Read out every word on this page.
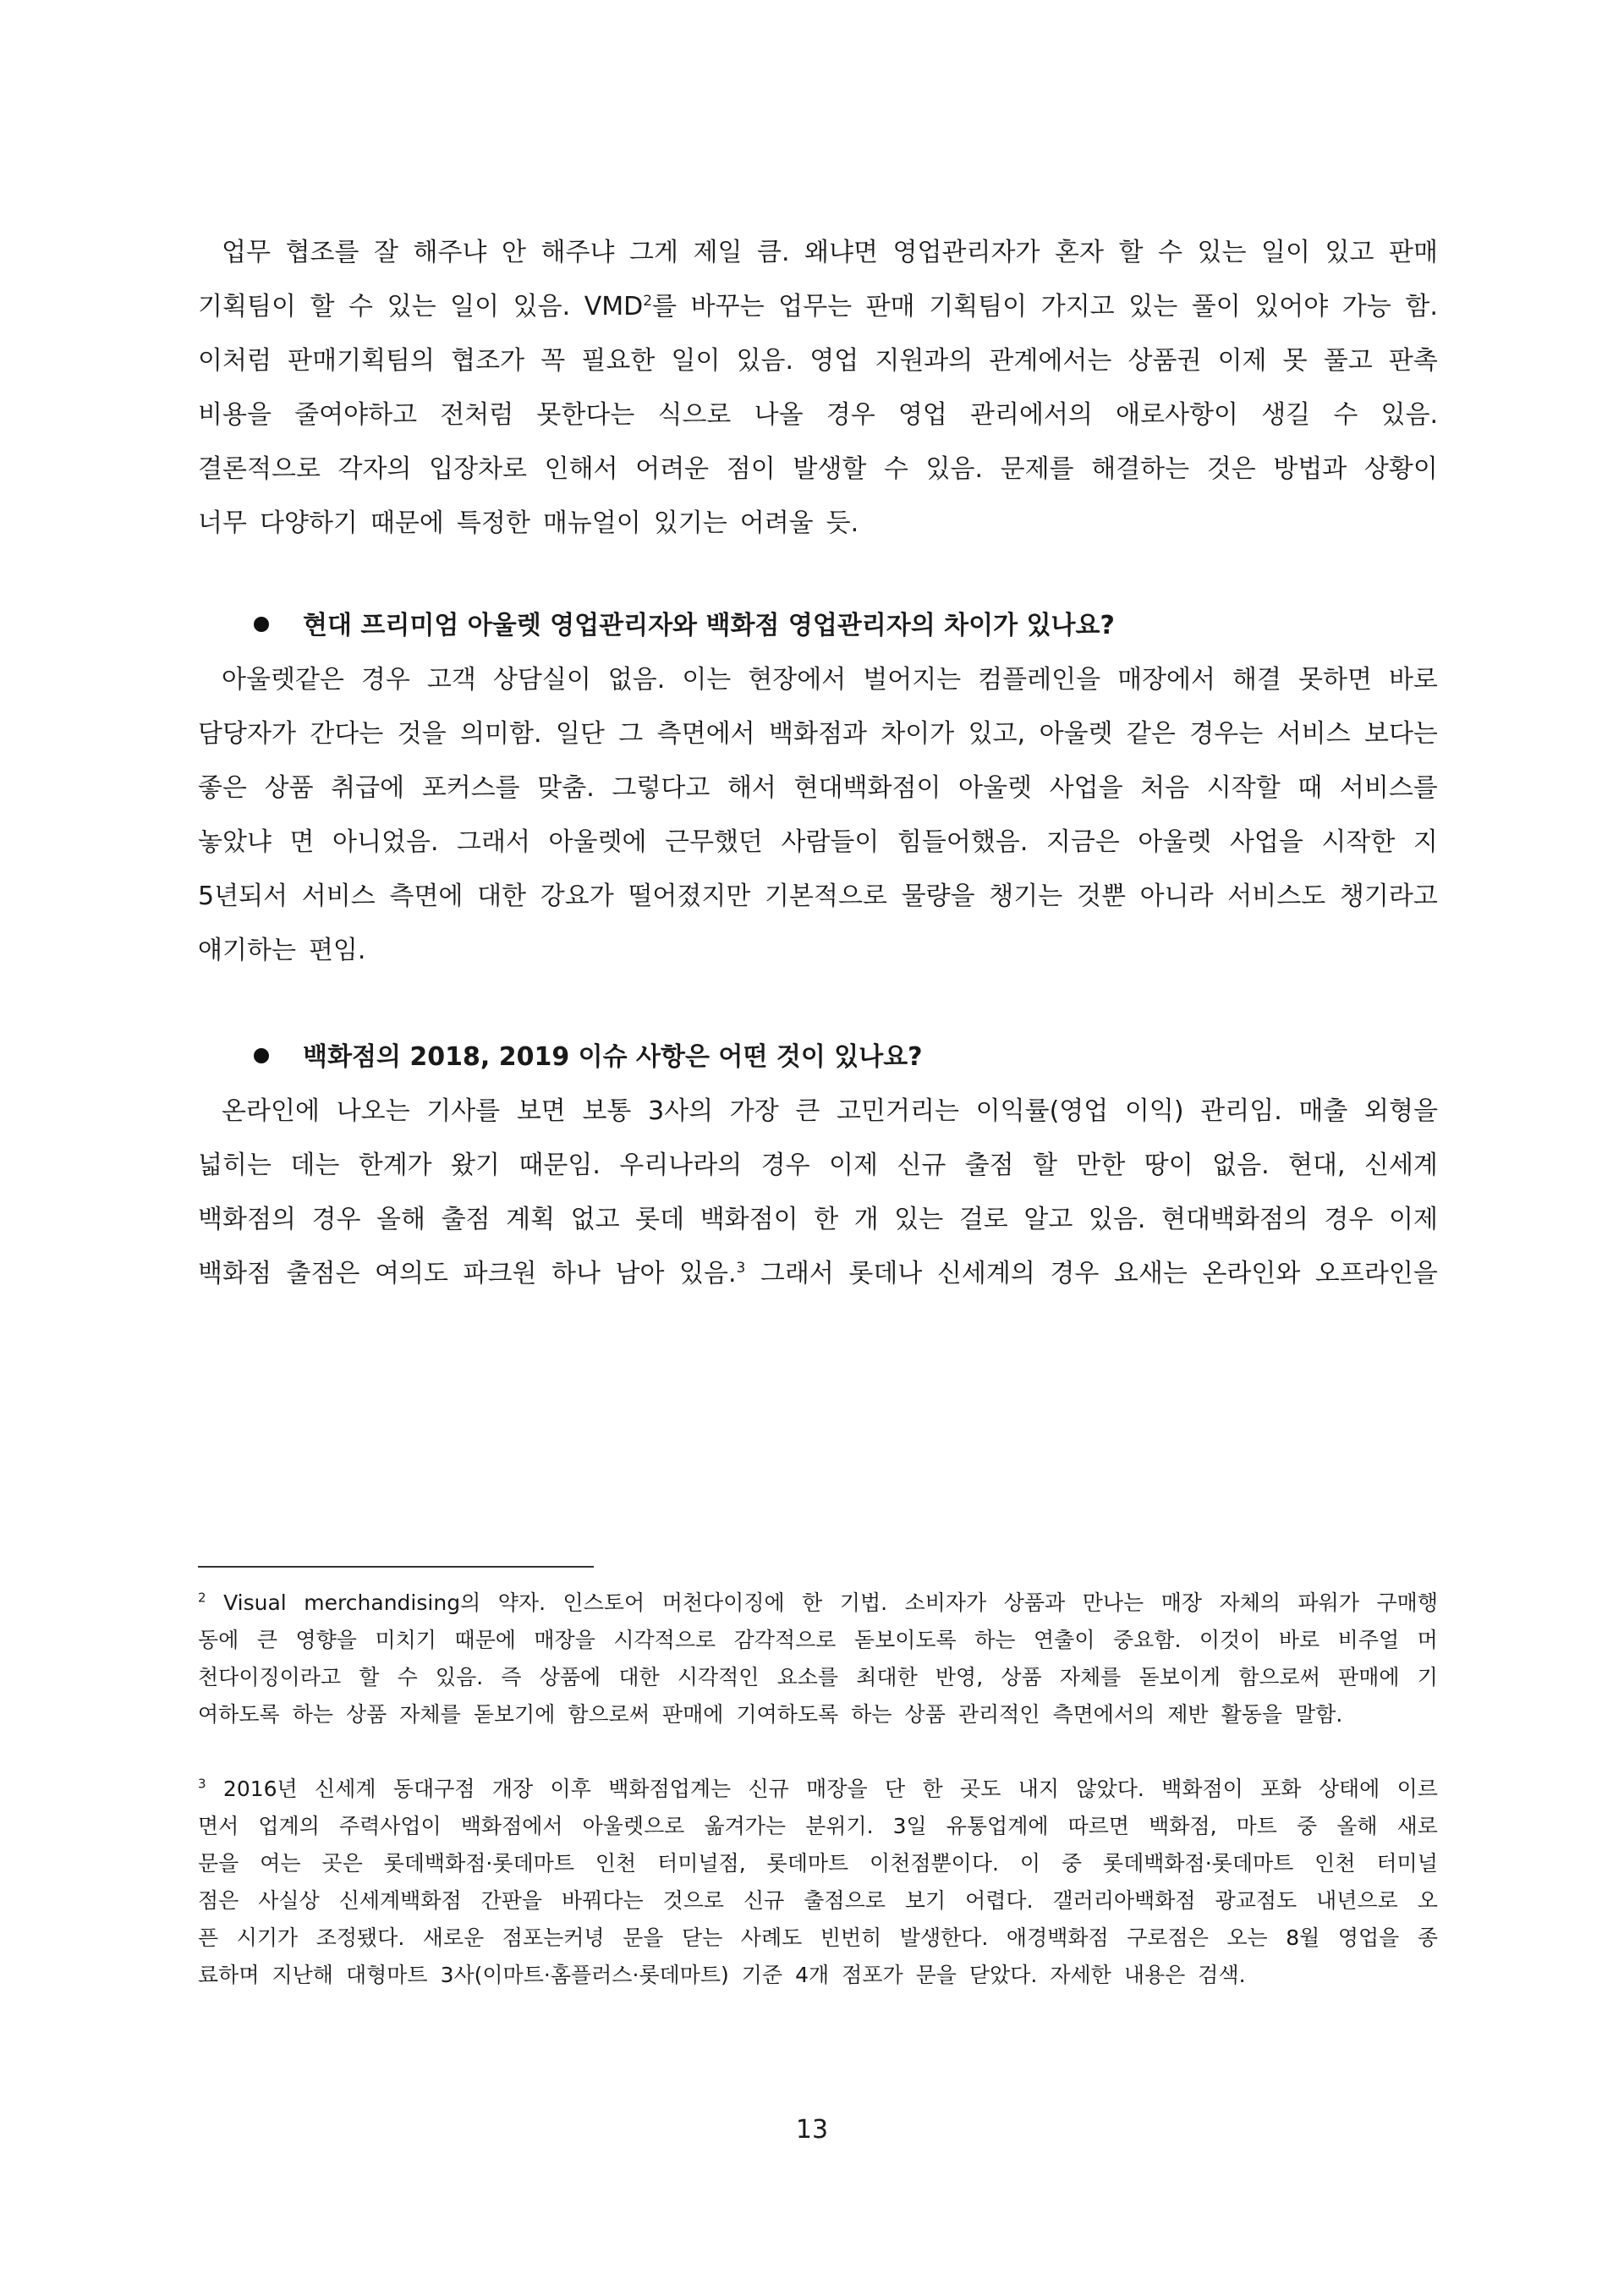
업무 협조를 잘 해주냐 안 해주냐 그게 제일 큼. 왜냐면 영업관리자가 혼자 할 수 있는 일이 있고 판매
기획팀이 할 수 있는 일이 있음. VMD$^2$를 바꾸는 업무는 판매 기획팀이 가지고 있는 풀이 있어야 가능 함.
이처럼 판매기획팀의 협조가 꼭 필요한 일이 있음. 영업 지원과의 관계에서는 상품권 이제 못 풀고 판촉
비용을 줄여야하고 전처럼 못한다는 식으로 나올 경우 영업 관리에서의 애로사항이 생길 수 있음.
결론적으로 각자의 입장차로 인해서 어려운 점이 발생할 수 있음. 문제를 해결하는 것은 방법과 상황이
너무 다양하기 때문에 특정한 매뉴얼이 있기는 어려울 듯.
현대 프리미엄 아울렛 영업관리자와 백화점 영업관리자의 차이가 있나요?
아울렛같은 경우 고객 상담실이 없음. 이는 현장에서 벌어지는 컴플레인을 매장에서 해결 못하면 바로
담당자가 간다는 것을 의미함. 일단 그 측면에서 백화점과 차이가 있고, 아울렛 같은 경우는 서비스 보다는
좋은 상품 취급에 포커스를 맞춤. 그렇다고 해서 현대백화점이 아울렛 사업을 처음 시작할 때 서비스를
놓았냐 면 아니었음. 그래서 아울렛에 근무했던 사람들이 힘들어했음. 지금은 아울렛 사업을 시작한 지
5년되서 서비스 측면에 대한 강요가 떨어졌지만 기본적으로 물량을 챙기는 것뿐 아니라 서비스도 챙기라고
얘기하는 편임.
백화점의 2018, 2019 이슈 사항은 어떤 것이 있나요?
온라인에 나오는 기사를 보면 보통 3사의 가장 큰 고민거리는 이익률(영업 이익) 관리임. 매출 외형을
넓히는 데는 한계가 왔기 때문임. 우리나라의 경우 이제 신규 출점 할 만한 땅이 없음. 현대, 신세계
백화점의 경우 올해 출점 계획 없고 롯데 백화점이 한 개 있는 걸로 알고 있음. 현대백화점의 경우 이제
백화점 출점은 여의도 파크원 하나 남아 있음.$^3$ 그래서 롯데나 신세계의 경우 요새는 온라인와 오프라인을
$^2$ Visual merchandising의 약자. 인스토어 머천다이징에 한 기법. 소비자가 상품과 만나는 매장 자체의 파워가 구매행
동에 큰 영향을 미치기 때문에 매장을 시각적으로 감각적으로 돋보이도록 하는 연출이 중요함. 이것이 바로 비주얼 머
천다이징이라고 할 수 있음. 즉 상품에 대한 시각적인 요소를 최대한 반영, 상품 자체를 돋보이게 함으로써 판매에 기
여하도록 하는 상품 자체를 돋보기에 함으로써 판매에 기여하도록 하는 상품 관리적인 측면에서의 제반 활동을 말함.
$^3$ 2016년 신세계 동대구점 개장 이후 백화점업계는 신규 매장을 단 한 곳도 내지 않았다. 백화점이 포화 상태에 이르
면서 업계의 주력사업이 백화점에서 아울렛으로 옮겨가는 분위기. 3일 유통업계에 따르면 백화점, 마트 중 올해 새로
문을 여는 곳은 롯데백화점·롯데마트 인천 터미널점, 롯데마트 이천점뿐이다. 이 중 롯데백화점·롯데마트 인천 터미널
점은 사실상 신세계백화점 간판을 바꿔다는 것으로 신규 출점으로 보기 어렵다. 갤러리아백화점 광교점도 내년으로 오
픈 시기가 조정됐다. 새로운 점포는커녕 문을 닫는 사례도 빈번히 발생한다. 애경백화점 구로점은 오는 8월 영업을 종
료하며 지난해 대형마트 3사(이마트·홈플러스·롯데마트) 기준 4개 점포가 문을 닫았다. 자세한 내용은 검색.
13
